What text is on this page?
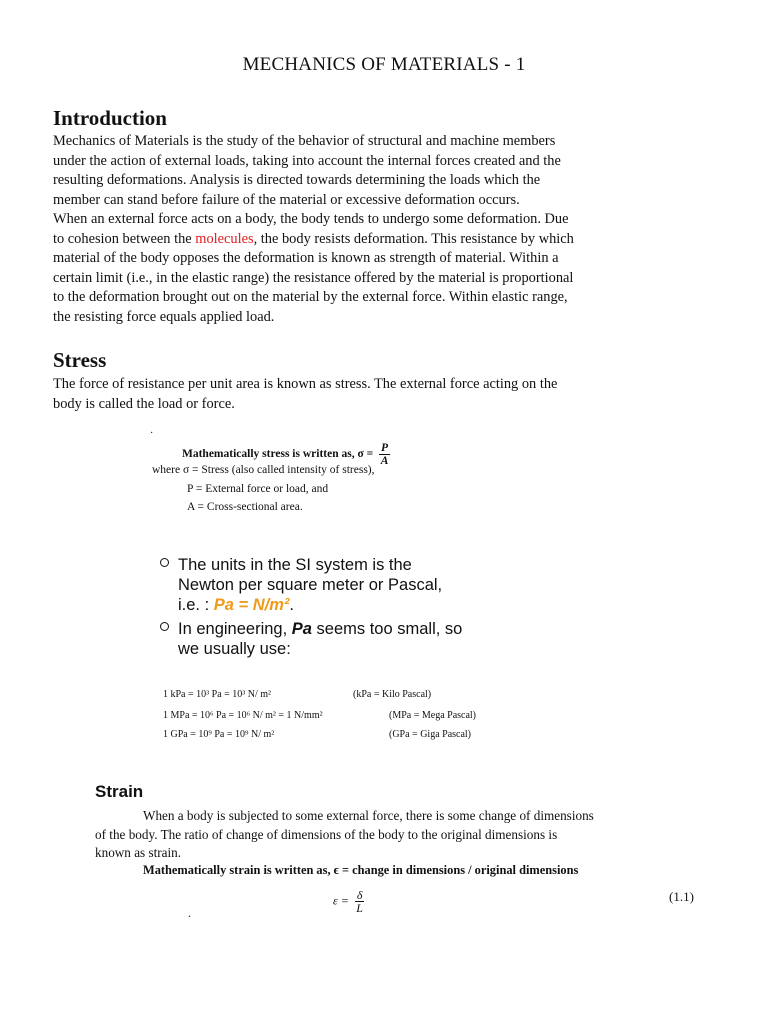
MECHANICS OF MATERIALS - 1
Introduction
Mechanics of Materials is the study of the behavior of structural and machine members
under the action of external loads, taking into account the internal forces created and the
resulting deformations. Analysis is directed towards determining the loads which the
member can stand before failure of the material or excessive deformation occurs.
When an external force acts on a body, the body tends to undergo some deformation. Due
to cohesion between the molecules, the body resists deformation. This resistance by which
material of the body opposes the deformation is known as strength of material. Within a
certain limit (i.e., in the elastic range) the resistance offered by the material is proportional
to the deformation brought out on the material by the external force. Within elastic range,
the resisting force equals applied load.
Stress
The force of resistance per unit area is known as stress. The external force acting on the
body is called the load or force.
·
Mathematically stress is written as, $\sigma = \frac{P}{A}$
where σ = Stress (also called intensity of stress),
P = External force or load, and
A = Cross-sectional area.
The units in the SI system is the
Newton per square meter or Pascal,
i.e. : Pa = N/m².
In engineering, Pa seems too small, so
we usually use:
1 kPa = 10³ Pa = 10³ N/ m²	(kPa = Kilo Pascal)
1 MPa = 10⁶ Pa = 10⁶ N/ m² = 1 N/mm²	(MPa = Mega Pascal)
1 GPa = 10⁹ Pa = 10⁹ N/ m²	(GPa = Giga Pascal)
Strain
When a body is subjected to some external force, there is some change of dimensions
of the body. The ratio of change of dimensions of the body to the original dimensions is
known as strain.
Mathematically strain is written as, ϵ = change in dimensions / original dimensions
$\varepsilon = \frac{\delta}{L}$	(1.1)
.
